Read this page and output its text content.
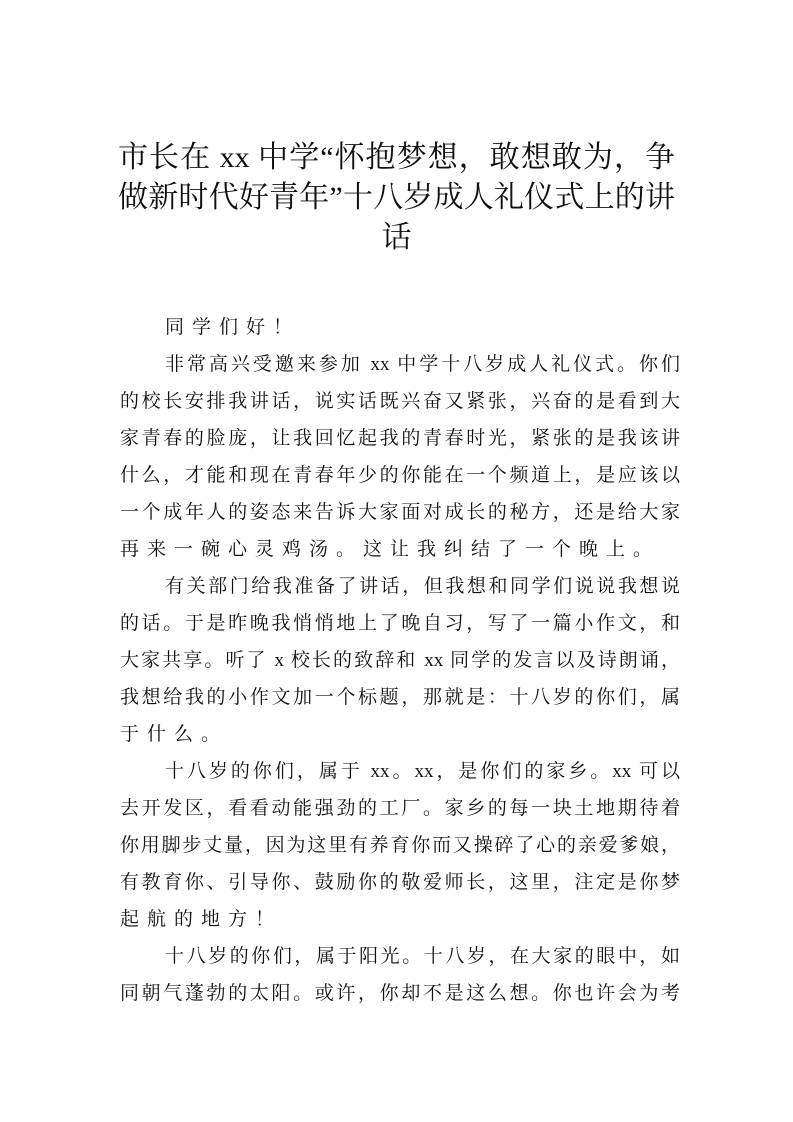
市长在 xx 中学“怀抱梦想，敢想敢为，争
做新时代好青年”十八岁成人礼仪式上的讲
话
同学们好！
非常高兴受邀来参加 xx 中学十八岁成人礼仪式。你们
的校长安排我讲话，说实话既兴奋又紧张，兴奋的是看到大
家青春的脸庞，让我回忆起我的青春时光，紧张的是我该讲
什么，才能和现在青春年少的你能在一个频道上，是应该以
一个成年人的姿态来告诉大家面对成长的秘方，还是给大家
再来一碗心灵鸡汤。这让我纠结了一个晚上。
有关部门给我准备了讲话，但我想和同学们说说我想说
的话。于是昨晚我悄悄地上了晚自习，写了一篇小作文，和
大家共享。听了 x 校长的致辞和 xx 同学的发言以及诗朗诵，
我想给我的小作文加一个标题，那就是：十八岁的你们，属
于什么。
十八岁的你们，属于 xx。xx，是你们的家乡。xx 可以
去开发区，看看动能强劲的工厂。家乡的每一块土地期待着
你用脚步丈量，因为这里有养育你而又操碎了心的亲爱爹娘，
有教育你、引导你、鼓励你的敬爱师长，这里，注定是你梦
起航的地方！
十八岁的你们，属于阳光。十八岁，在大家的眼中，如
同朝气蓬勃的太阳。或许，你却不是这么想。你也许会为考
